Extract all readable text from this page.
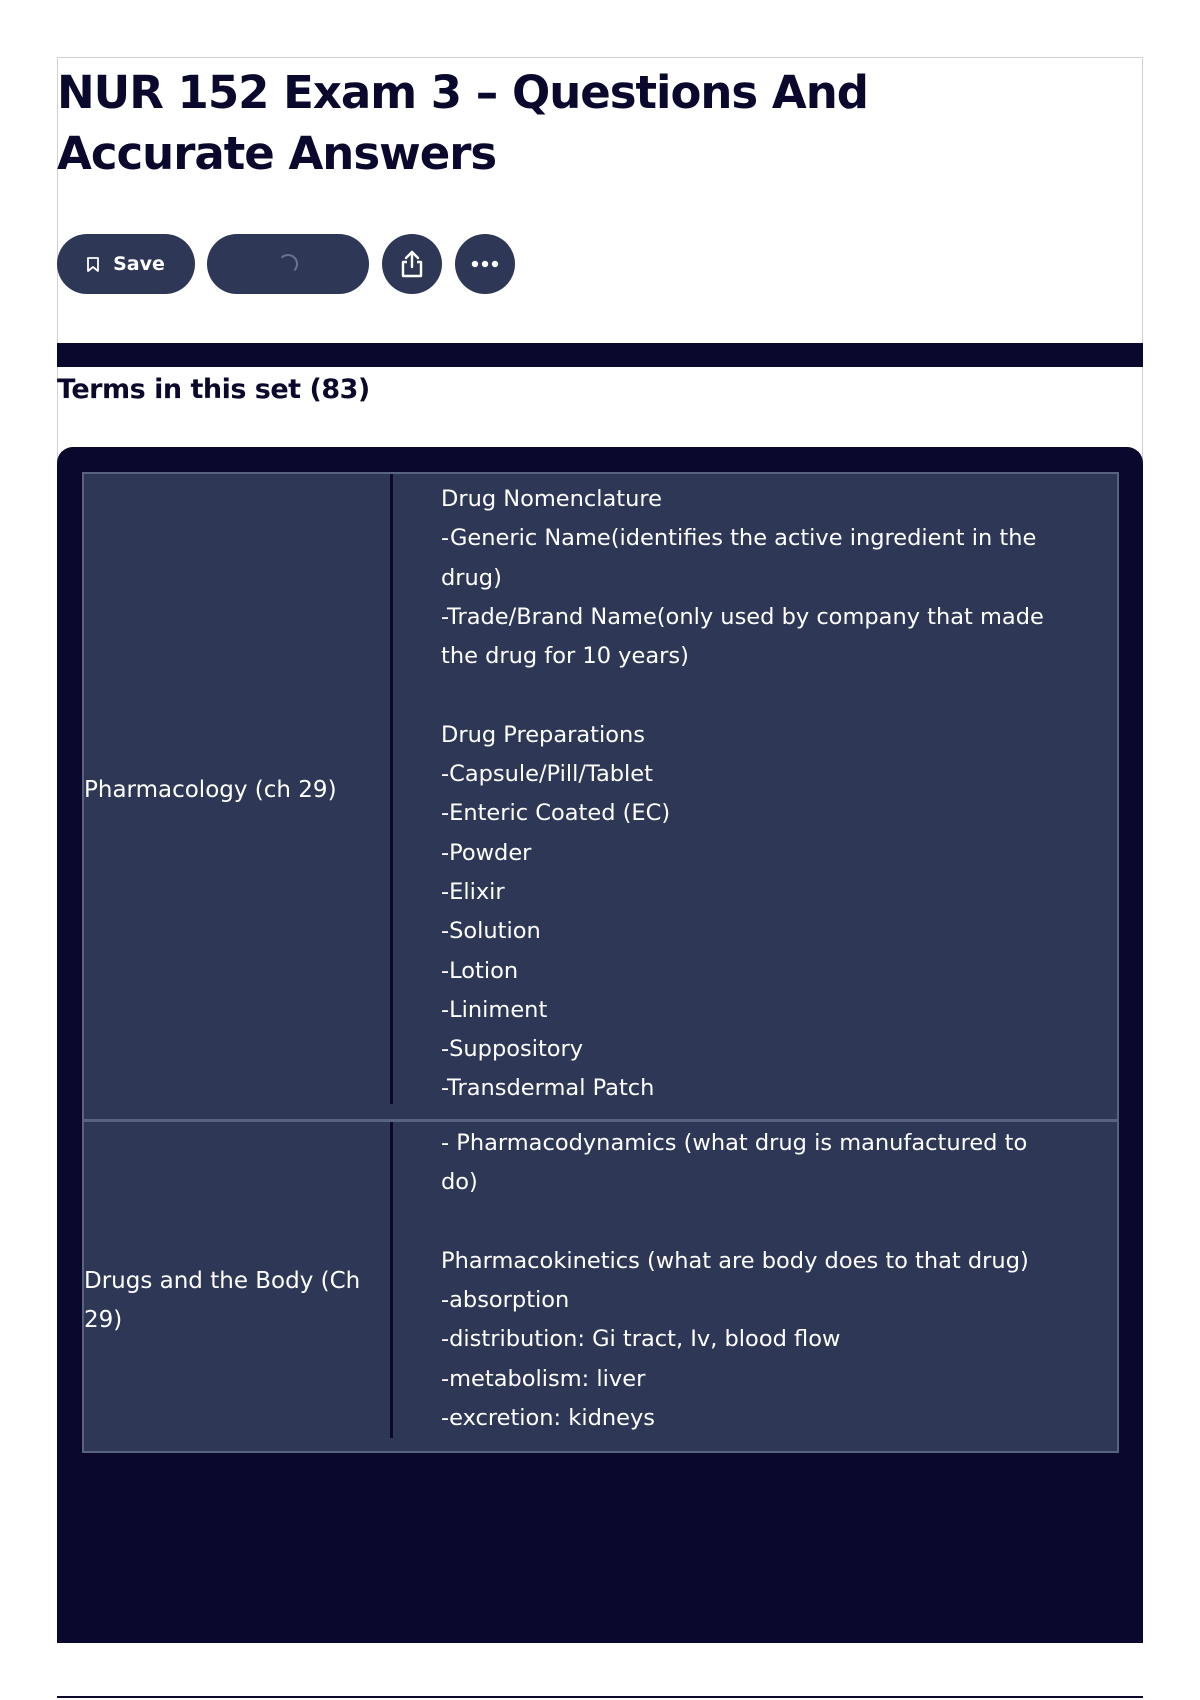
NUR 152 Exam 3 – Questions And Accurate Answers
Save
Terms in this set (83)
Pharmacology (ch 29)
Drug Nomenclature
-Generic Name(identifies the active ingredient in the drug)
-Trade/Brand Name(only used by company that made the drug for 10 years)

Drug Preparations
-Capsule/Pill/Tablet
-Enteric Coated (EC)
-Powder
-Elixir
-Solution
-Lotion
-Liniment
-Suppository
-Transdermal Patch
Drugs and the Body (Ch 29)
- Pharmacodynamics (what drug is manufactured to do)

Pharmacokinetics (what are body does to that drug)
-absorption
-distribution: Gi tract, Iv, blood flow
-metabolism: liver
-excretion: kidneys
